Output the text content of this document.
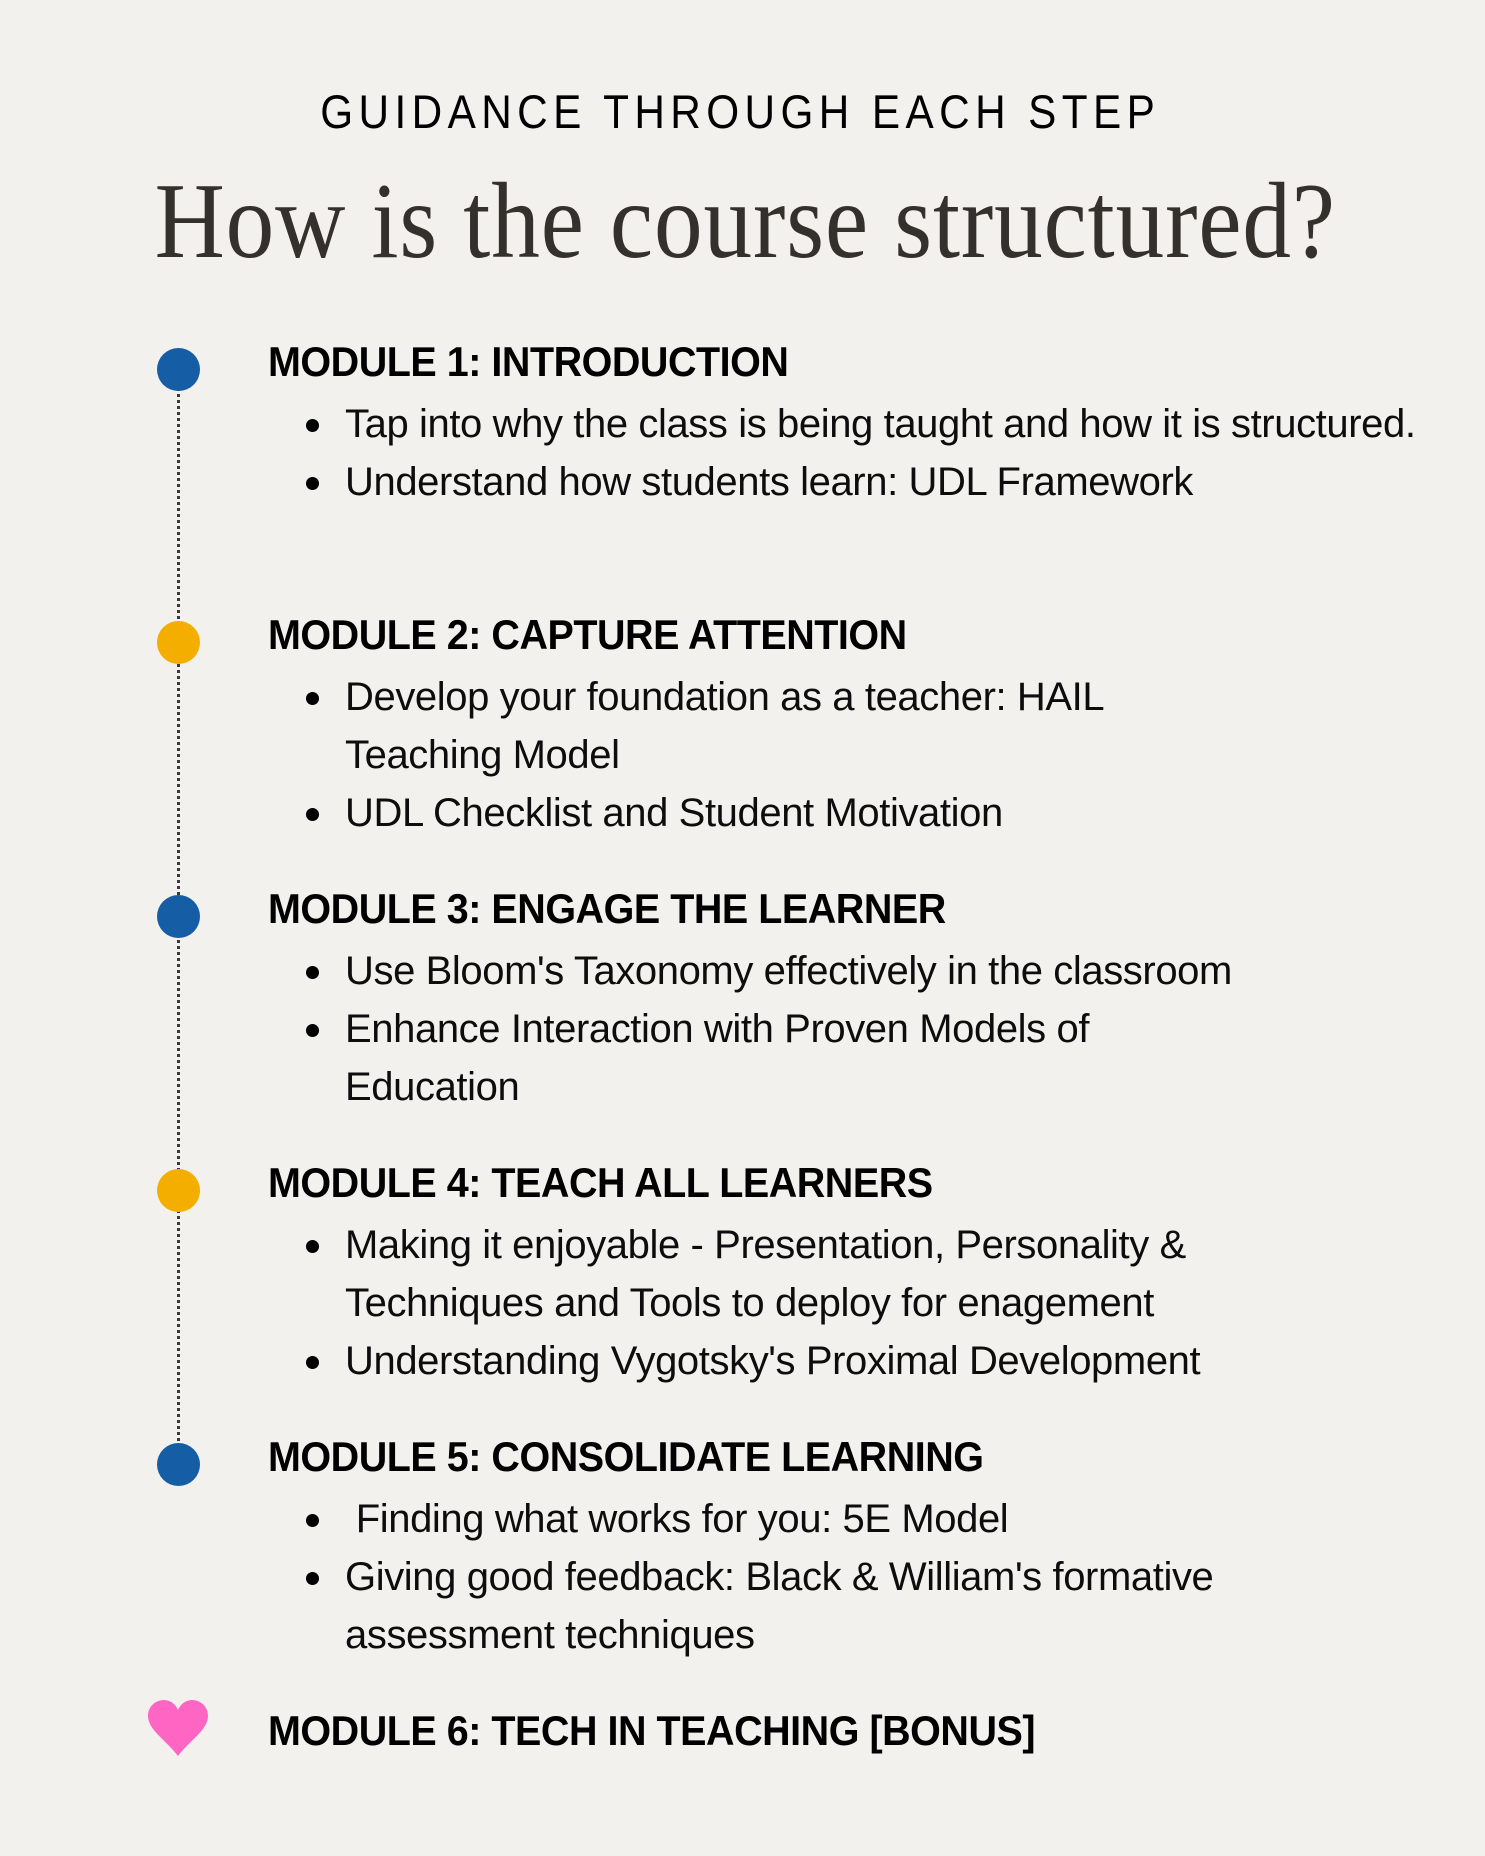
GUIDANCE THROUGH EACH STEP
How is the course structured?
MODULE 1: INTRODUCTION
Tap into why the class is being taught and how it is structured.
Understand how students learn: UDL Framework
MODULE 2: CAPTURE ATTENTION
Develop your foundation as a teacher: HAIL Teaching Model
UDL Checklist and Student Motivation
MODULE 3: ENGAGE THE LEARNER
Use Bloom's Taxonomy effectively in the classroom
Enhance Interaction with Proven Models of Education
MODULE 4: TEACH ALL LEARNERS
Making it enjoyable - Presentation, Personality & Techniques and Tools to deploy for enagement
Understanding Vygotsky's Proximal Development
MODULE 5: CONSOLIDATE LEARNING
Finding what works for you: 5E Model
Giving good feedback: Black & William's formative assessment techniques
MODULE 6: TECH IN TEACHING [BONUS]
